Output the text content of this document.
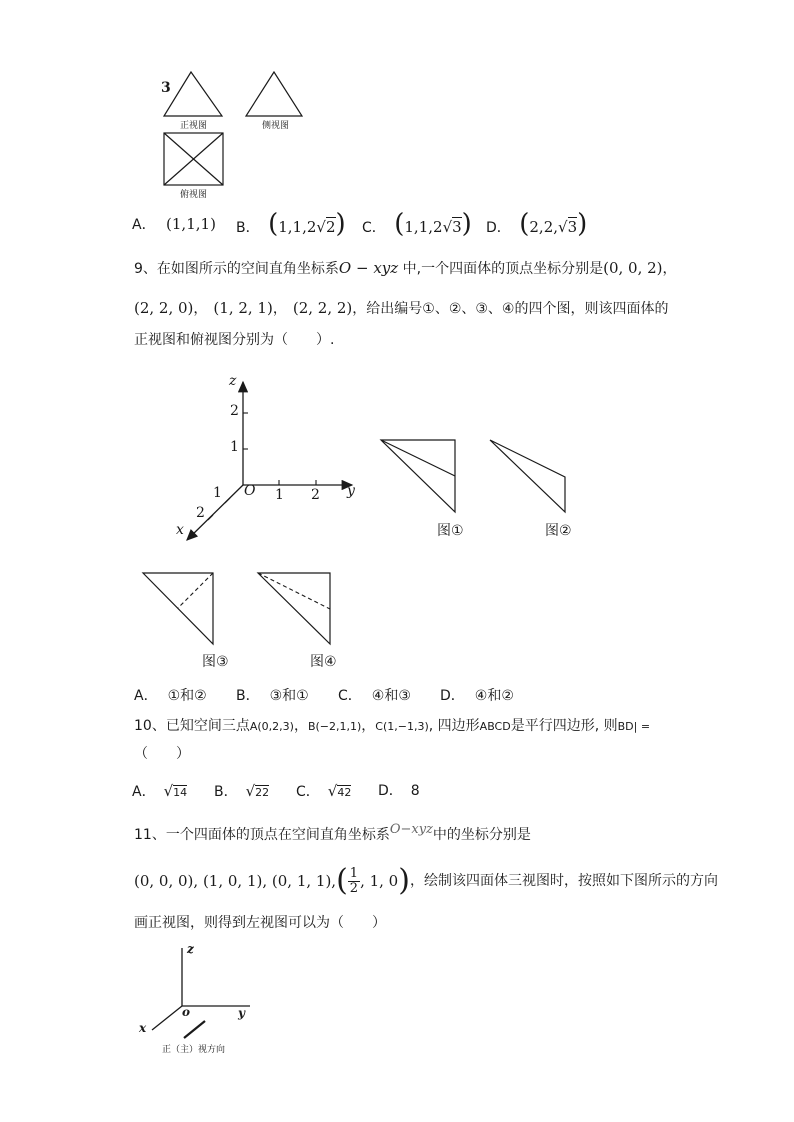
3
正视图	侧视图
俯视图
A． (1,1,1) B． (1,1,2√2) C． (1,1,2√3) D． (2,2,√3)
9、在如图所示的空间直角坐标系O − xyz 中,一个四面体的顶点坐标分别是(0, 0, 2)，
(2, 2, 0)， (1, 2, 1)， (2, 2, 2)，给出编号①、②、③、④的四个图，则该四面体的
正视图和俯视图分别为（　　）.
z
2
1
O 1 2 y
1
2
x	图①	图②
图③	图④
A． ①和② B． ③和① C． ④和③ D． ④和②
10、已知空间三点A(0,2,3)，B(−2,1,1)，C(1,−1,3), 四边形ABCD是平行四边形, 则BD| =
（　　）
A． √14 B． √22 C． √42 D． 8
11、一个四面体的顶点在空间直角坐标系O−xyz中的坐标分别是
(0, 0, 0), (1, 0, 1), (0, 1, 1), ( $\frac{1}{2}$ , 1, 0 ) ，绘制该四面体三视图时，按照如下图所示的方向
画正视图，则得到左视图可以为（　　）
z
o	y
x
正（主）视方向
